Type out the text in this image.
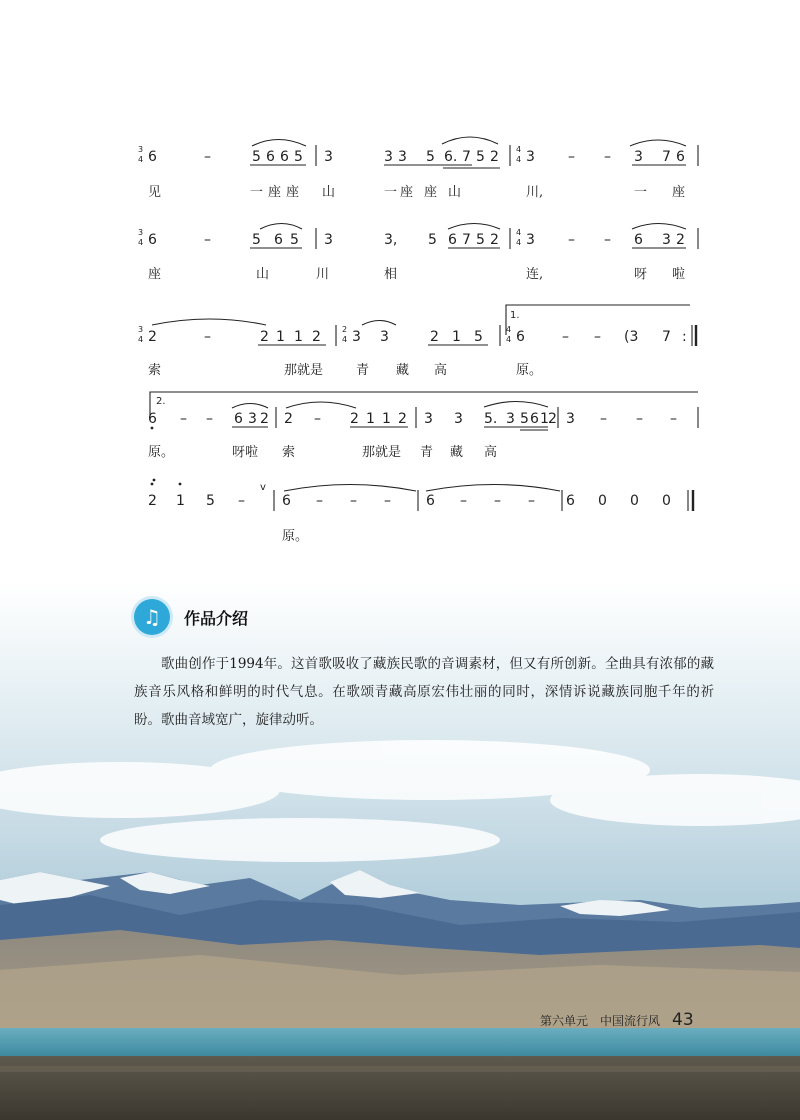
3
4 6	–	5 6 6 5 3	3 3 5 6. 7 5 2 4
4 3 – – 3 7 6
见	一 座 座 山	一 座 座 山	川,	一 座
3
4 6	–	5 6 5 3	3, 5 6 7 5 2 4
4 3 – – 6 3 2
座	山	川	相	连,	呀 啦
3
4 2	–	2 1 1 2	2
4 3 3	2 1 5
1.
4
4 6	– – (3 7 :
索	那就是	青 藏 高	原。
2.
6 – – 6 3 2 2 – 2 1 1 2 3 3 5. 3 5 6 1 2 3 – – –
原。	呀啦 索	那就是 青 藏 高
2 1 5 –
v
6 – – –	6 – – – 6 0 0 0
原。
♫ 作品介绍
歌曲创作于1994年。这首歌吸收了藏族民歌的音调素材，但又有所创新。全曲具有浓郁的藏族音乐风格和鲜明的时代气息。在歌颂青藏高原宏伟壮丽的同时，深情诉说藏族同胞千年的祈盼。歌曲音域宽广，旋律动听。
第六单元　中国流行风 43
